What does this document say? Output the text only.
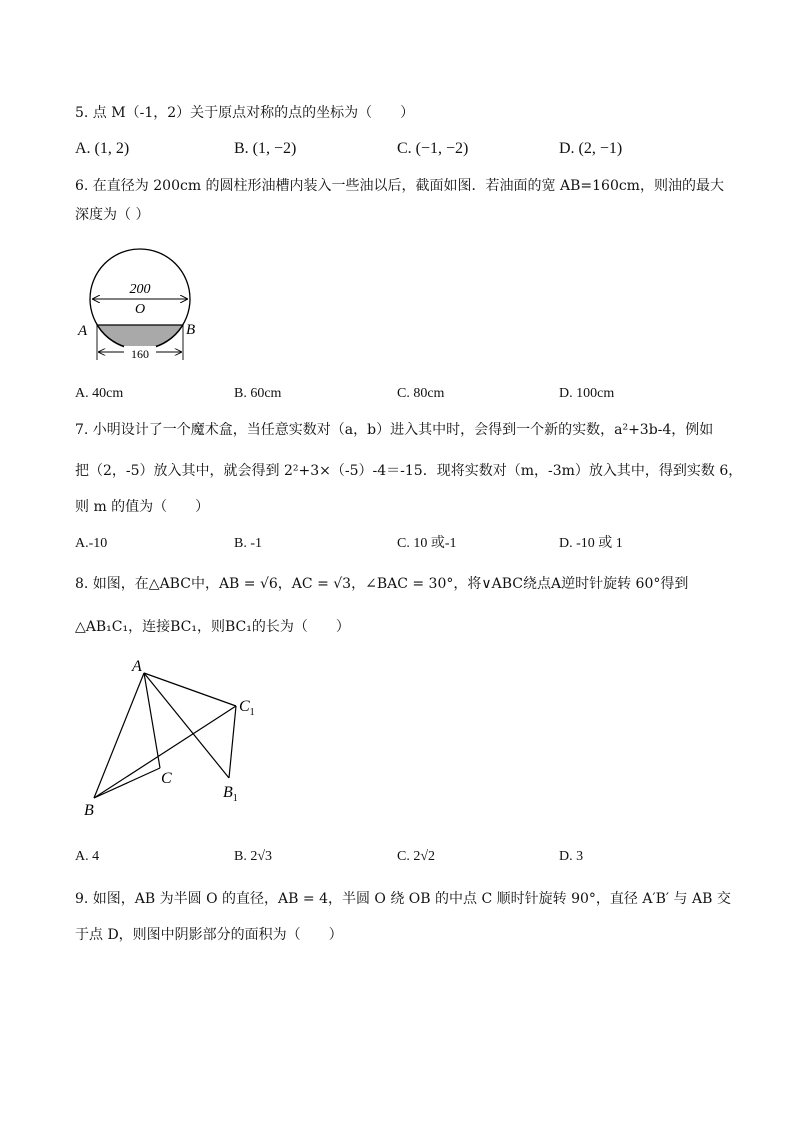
5. 点 M（-1，2）关于原点对称的点的坐标为（　　）
A. (1, 2)	B. (1, −2)	C. (−1, −2)	D. (2, −1)
6. 在直径为 200cm 的圆柱形油槽内装入一些油以后，截面如图．若油面的宽 AB=160cm，则油的最大
深度为（ ）
200
O
A	B
160
A. 40cm	B. 60cm	C. 80cm	D. 100cm
7. 小明设计了一个魔术盒，当任意实数对（a，b）进入其中时，会得到一个新的实数，a²+3b-4，例如
把（2，-5）放入其中，就会得到 2²+3×（-5）-4＝-15．现将实数对（m，-3m）放入其中，得到实数 6，
则 m 的值为（　　）
A.-10	B. -1	C. 10 或-1	D. -10 或 1
8. 如图，在△ABC中，AB = √6，AC = √3，∠BAC = 30°，将∨ABC绕点A逆时针旋转 60°得到
△AB₁C₁，连接BC₁，则BC₁的长为（　　）
A
B
C
$B_1$
$C_1$
A. 4	B. 2√3	C. 2√2	D. 3
9. 如图，AB 为半圆 O 的直径，AB = 4，半圆 O 绕 OB 的中点 C 顺时针旋转 90°，直径 A′B′ 与 AB 交
于点 D，则图中阴影部分的面积为（　　）
